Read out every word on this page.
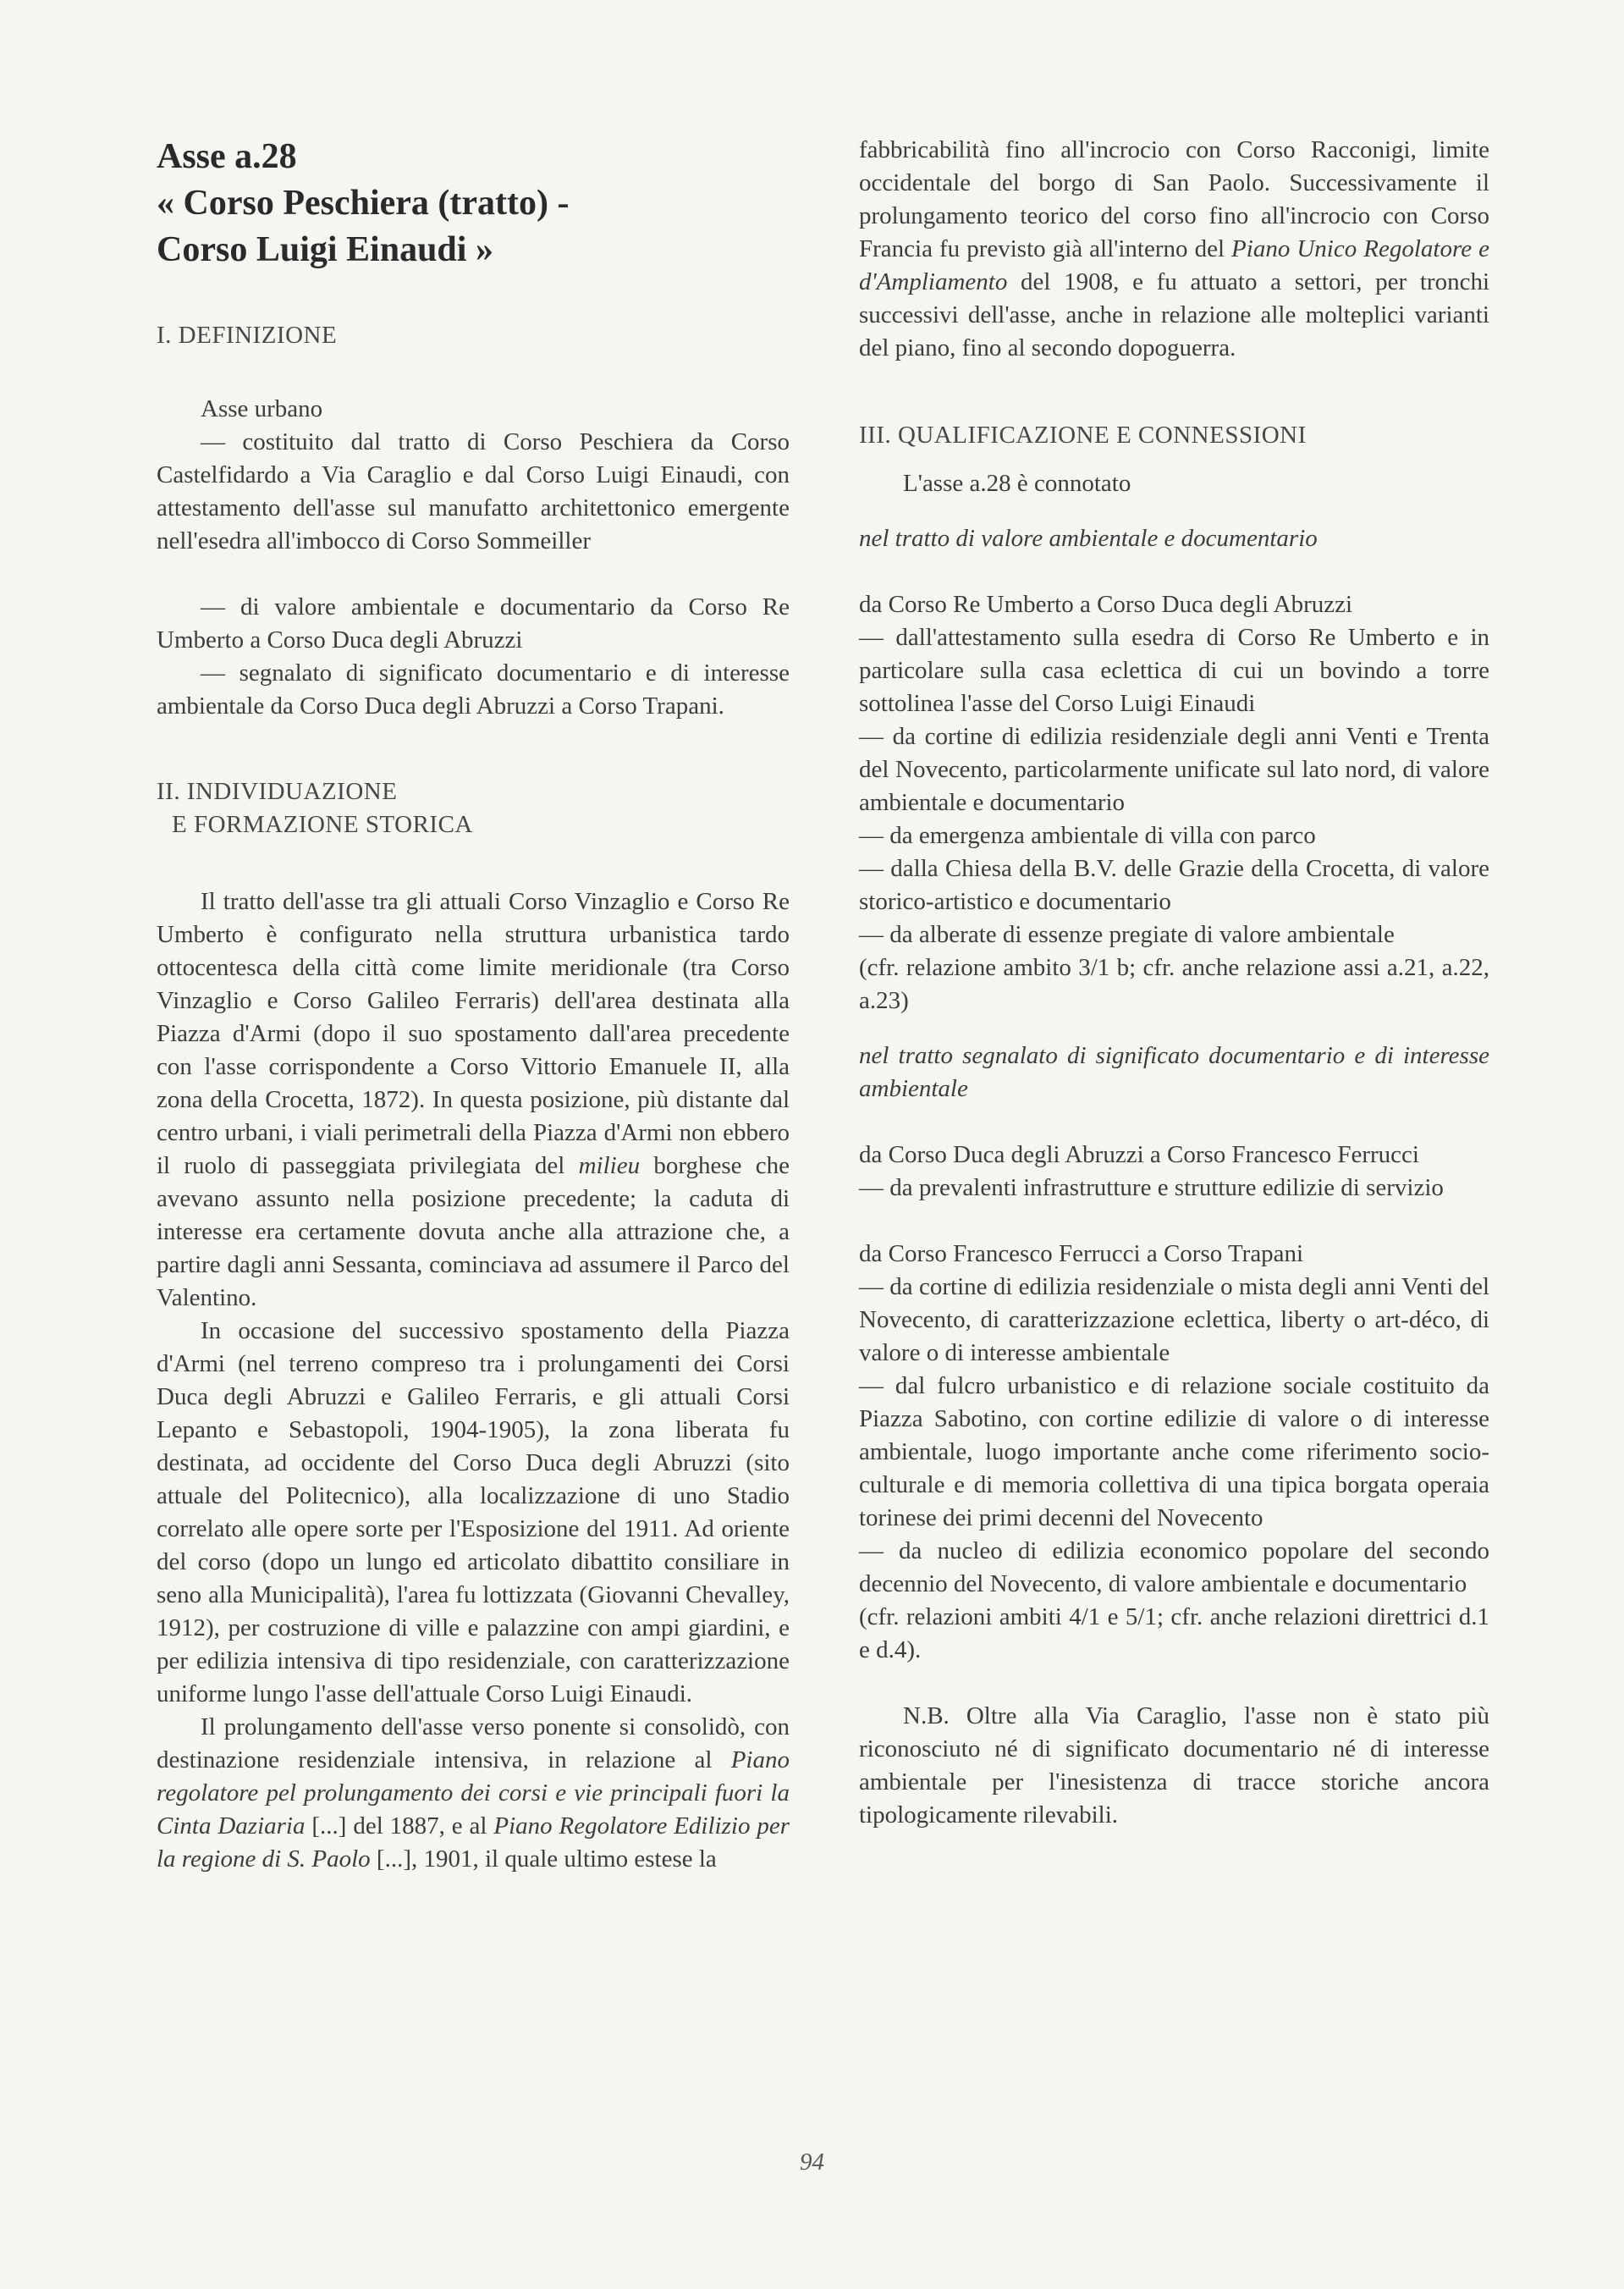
Asse a.28
« Corso Peschiera (tratto) -
Corso Luigi Einaudi »
I. DEFINIZIONE

Asse urbano

— costituito dal tratto di Corso Peschiera da Corso Castelfidardo a Via Caraglio e dal Corso Luigi Einaudi, con attestamento dell'asse sul manufatto architettonico emergente nell'esedra all'imbocco di Corso Sommeiller

— di valore ambientale e documentario da Corso Re Umberto a Corso Duca degli Abruzzi

— segnalato di significato documentario e di interesse ambientale da Corso Duca degli Abruzzi a Corso Trapani.

II. INDIVIDUAZIONE
E FORMAZIONE STORICA

Il tratto dell'asse tra gli attuali Corso Vinzaglio e Corso Re Umberto è configurato nella struttura urbanistica tardo ottocentesca della città come limite meridionale (tra Corso Vinzaglio e Corso Galileo Ferraris) dell'area destinata alla Piazza d'Armi (dopo il suo spostamento dall'area precedente con l'asse corrispondente a Corso Vittorio Emanuele II, alla zona della Crocetta, 1872). In questa posizione, più distante dal centro urbani, i viali perimetrali della Piazza d'Armi non ebbero il ruolo di passeggiata privilegiata del milieu borghese che avevano assunto nella posizione precedente; la caduta di interesse era certamente dovuta anche alla attrazione che, a partire dagli anni Sessanta, cominciava ad assumere il Parco del Valentino.

In occasione del successivo spostamento della Piazza d'Armi (nel terreno compreso tra i prolungamenti dei Corsi Duca degli Abruzzi e Galileo Ferraris, e gli attuali Corsi Lepanto e Sebastopoli, 1904-1905), la zona liberata fu destinata, ad occidente del Corso Duca degli Abruzzi (sito attuale del Politecnico), alla localizzazione di uno Stadio correlato alle opere sorte per l'Esposizione del 1911. Ad oriente del corso (dopo un lungo ed articolato dibattito consiliare in seno alla Municipalità), l'area fu lottizzata (Giovanni Chevalley, 1912), per costruzione di ville e palazzine con ampi giardini, e per edilizia intensiva di tipo residenziale, con caratterizzazione uniforme lungo l'asse dell'attuale Corso Luigi Einaudi.

Il prolungamento dell'asse verso ponente si consolidò, con destinazione residenziale intensiva, in relazione al Piano regolatore pel prolungamento dei corsi e vie principali fuori la Cinta Daziaria [...] del 1887, e al Piano Regolatore Edilizio per la regione di S. Paolo [...], 1901, il quale ultimo estese la

fabbricabilità fino all'incrocio con Corso Racconigi, limite occidentale del borgo di San Paolo. Successivamente il prolungamento teorico del corso fino all'incrocio con Corso Francia fu previsto già all'interno del Piano Unico Regolatore e d'Ampliamento del 1908, e fu attuato a settori, per tronchi successivi dell'asse, anche in relazione alle molteplici varianti del piano, fino al secondo dopoguerra.

III. QUALIFICAZIONE E CONNESSIONI

L'asse a.28 è connotato

nel tratto di valore ambientale e documentario

da Corso Re Umberto a Corso Duca degli Abruzzi

— dall'attestamento sulla esedra di Corso Re Umberto e in particolare sulla casa eclettica di cui un bovindo a torre sottolinea l'asse del Corso Luigi Einaudi

— da cortine di edilizia residenziale degli anni Venti e Trenta del Novecento, particolarmente unificate sul lato nord, di valore ambientale e documentario

— da emergenza ambientale di villa con parco

— dalla Chiesa della B.V. delle Grazie della Crocetta, di valore storico-artistico e documentario

— da alberate di essenze pregiate di valore ambientale

(cfr. relazione ambito 3/1 b; cfr. anche relazione assi a.21, a.22, a.23)

nel tratto segnalato di significato documentario e di interesse ambientale

da Corso Duca degli Abruzzi a Corso Francesco Ferrucci

— da prevalenti infrastrutture e strutture edilizie di servizio

da Corso Francesco Ferrucci a Corso Trapani

— da cortine di edilizia residenziale o mista degli anni Venti del Novecento, di caratterizzazione eclettica, liberty o art-déco, di valore o di interesse ambientale

— dal fulcro urbanistico e di relazione sociale costituito da Piazza Sabotino, con cortine edilizie di valore o di interesse ambientale, luogo importante anche come riferimento socio-culturale e di memoria collettiva di una tipica borgata operaia torinese dei primi decenni del Novecento

— da nucleo di edilizia economico popolare del secondo decennio del Novecento, di valore ambientale e documentario

(cfr. relazioni ambiti 4/1 e 5/1; cfr. anche relazioni direttrici d.1 e d.4).

N.B. Oltre alla Via Caraglio, l'asse non è stato più riconosciuto né di significato documentario né di interesse ambientale per l'inesistenza di tracce storiche ancora tipologicamente rilevabili.

94
